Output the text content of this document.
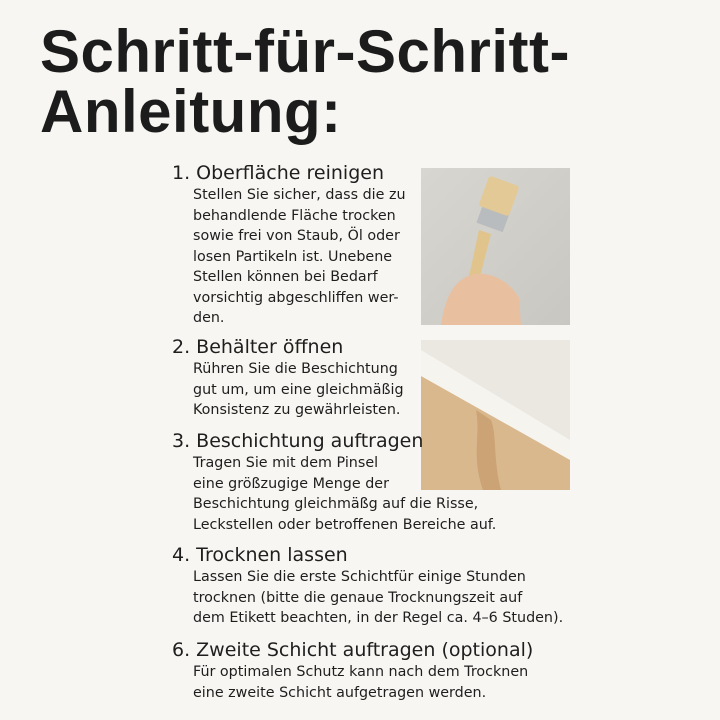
Schritt-für-Schritt-
Anleitung:
1. Oberfläche reinigen
Stellen Sie sicher, dass die zu
behandlende Fläche trocken
sowie frei von Staub, Öl oder
losen Partikeln ist. Unebene
Stellen können bei Bedarf
vorsichtig abgeschliffen wer-
den.
2. Behälter öffnen
Rühren Sie die Beschichtung
gut um, um eine gleichmäßig
Konsistenz zu gewährleisten.
3. Beschichtung auftragen
Tragen Sie mit dem Pinsel
eine größzugige Menge der
Beschichtung gleichmäßg auf die Risse,
Leckstellen oder betroffenen Bereiche auf.
4. Trocknen lassen
Lassen Sie die erste Schichtfür einige Stunden
trocknen (bitte die genaue Trocknungszeit auf
dem Etikett beachten, in der Regel ca. 4–6 Studen).
6. Zweite Schicht auftragen (optional)
Für optimalen Schutz kann nach dem Trocknen
eine zweite Schicht aufgetragen werden.
